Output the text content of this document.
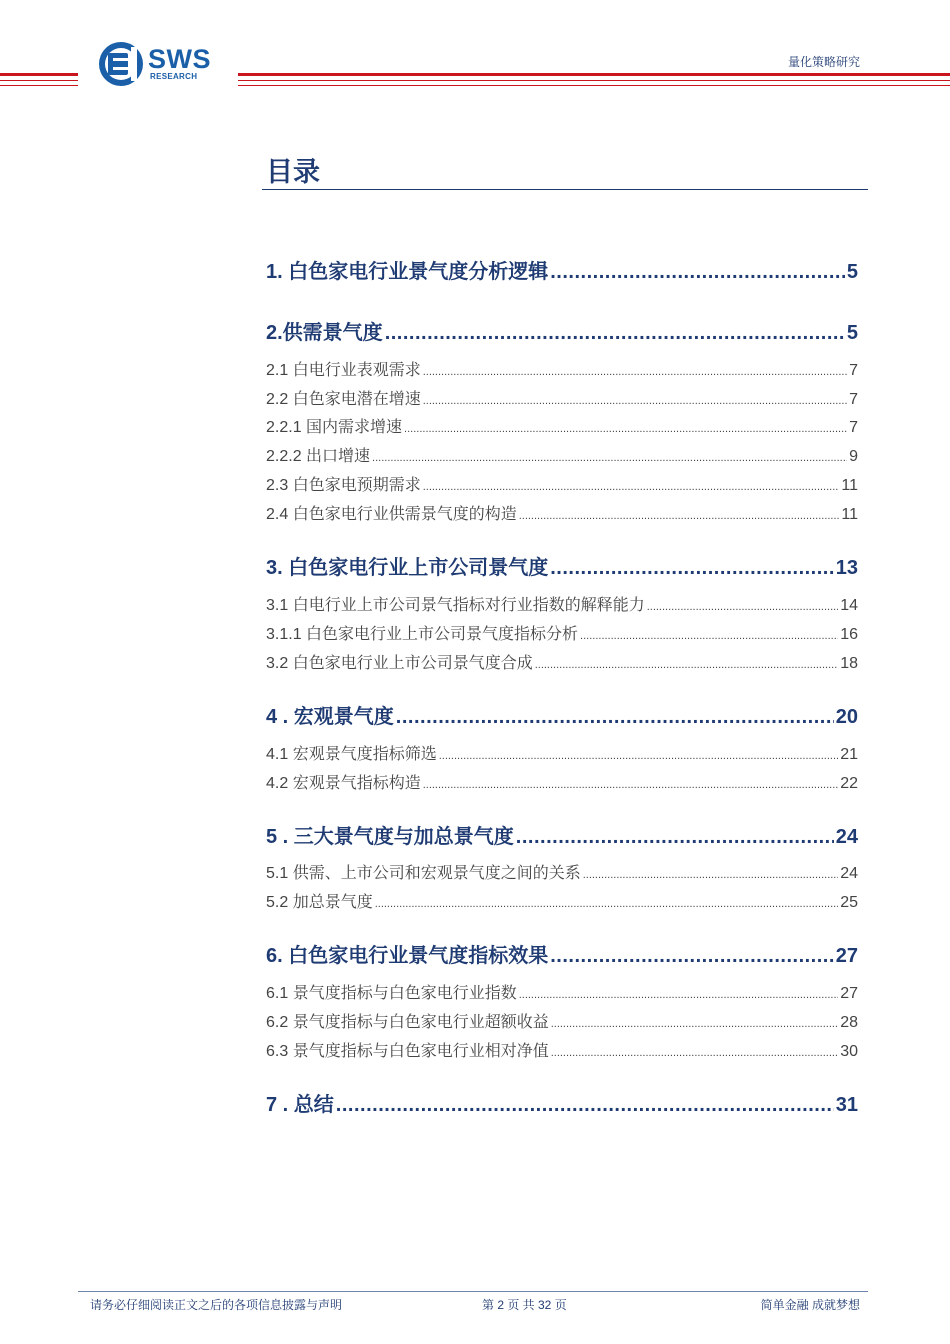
SWS
RESEARCH
量化策略研究
目录
1. 白色家电行业景气度分析逻辑 .....	5
2.供需景气度 .....	5
2.1 白电行业表观需求 .....	7
2.2 白色家电潜在增速 .....	7
2.2.1 国内需求增速 .....	7
2.2.2 出口增速 .....	9
2.3 白色家电预期需求 .....	11
2.4 白色家电行业供需景气度的构造 .....	11
3. 白色家电行业上市公司景气度 .....	13
3.1 白电行业上市公司景气指标对行业指数的解释能力 .....	14
3.1.1 白色家电行业上市公司景气度指标分析 .....	16
3.2 白色家电行业上市公司景气度合成 .....	18
4 . 宏观景气度 .....	20
4.1 宏观景气度指标筛选 .....	21
4.2 宏观景气指标构造 .....	22
5 . 三大景气度与加总景气度 .....	24
5.1 供需、上市公司和宏观景气度之间的关系 .....	24
5.2 加总景气度 .....	25
6. 白色家电行业景气度指标效果 .....	27
6.1 景气度指标与白色家电行业指数 .....	27
6.2 景气度指标与白色家电行业超额收益 .....	28
6.3 景气度指标与白色家电行业相对净值 .....	30
7 . 总结 .....	31
请务必仔细阅读正文之后的各项信息披露与声明	第 2 页 共 32 页	简单金融 成就梦想
